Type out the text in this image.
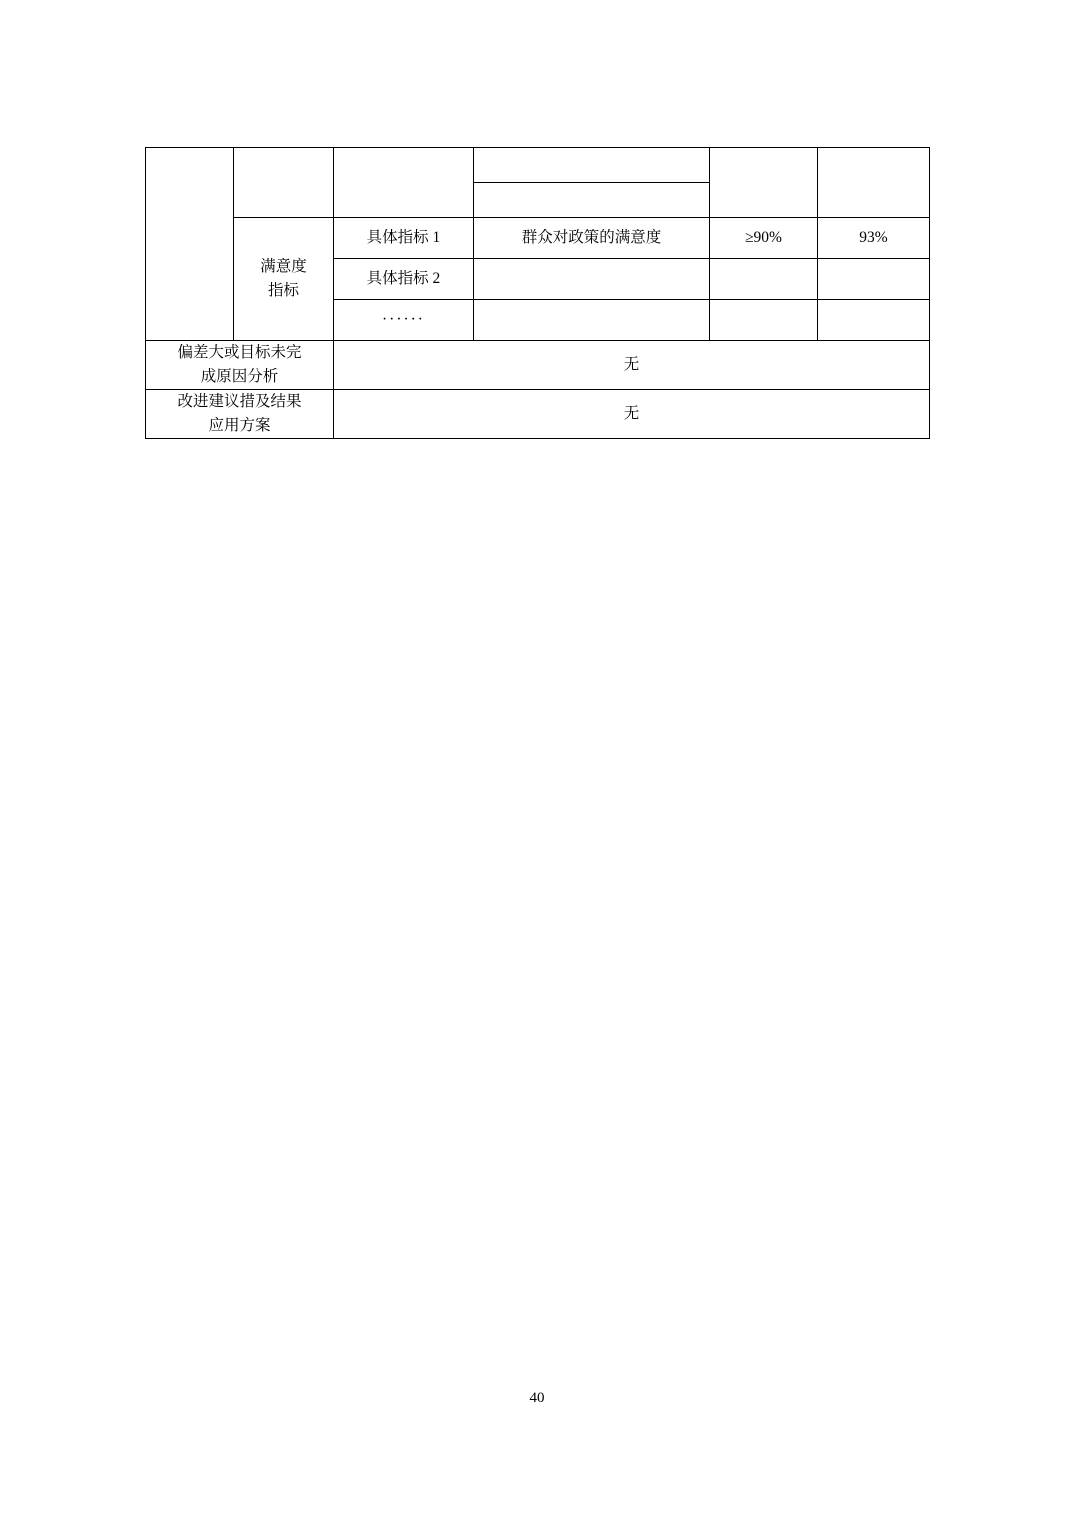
	满意度
指标	具体指标 1	群众对政策的满意度	≥90%	93%
		具体指标 2			
		······			

偏差大或目标未完
成原因分析		无			

改进建议措及结果
应用方案		无			
40
